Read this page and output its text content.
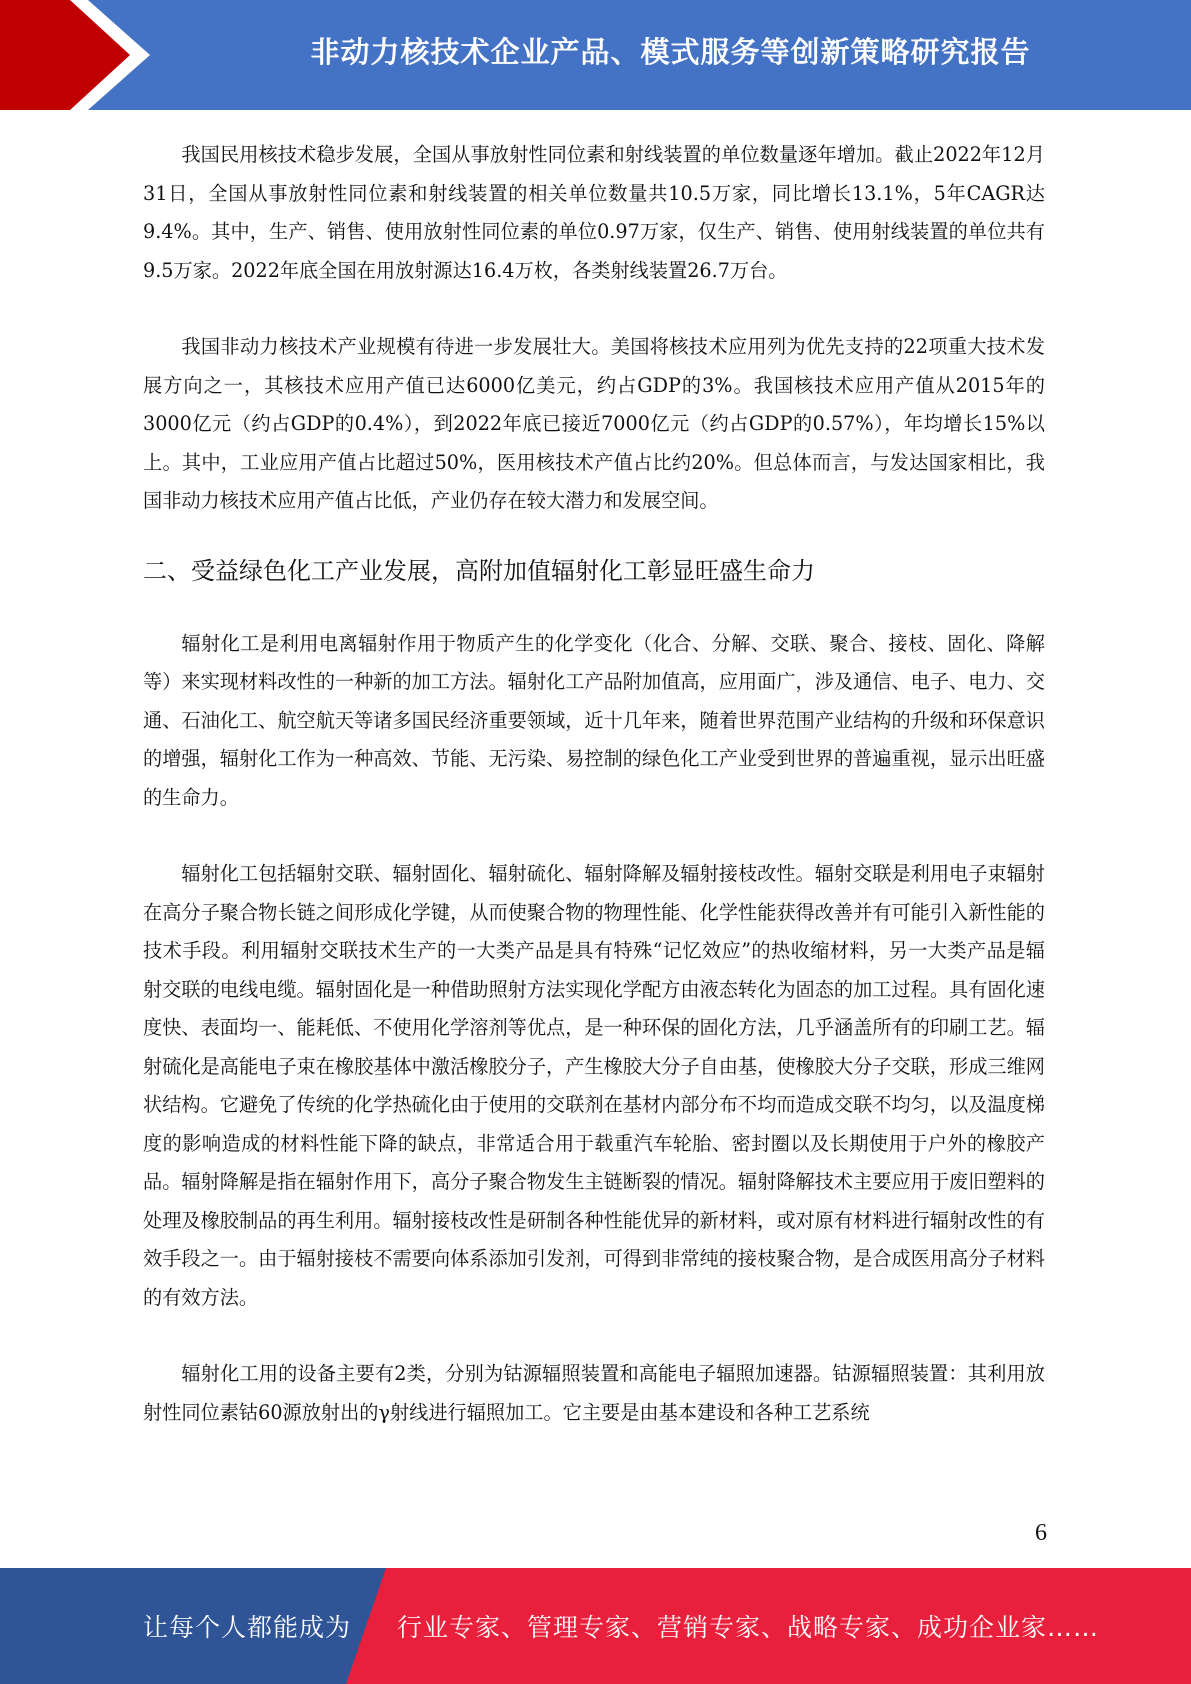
非动力核技术企业产品、模式服务等创新策略研究报告

我国民用核技术稳步发展，全国从事放射性同位素和射线装置的单位数量逐年增加。截止2022年12月31日，全国从事放射性同位素和射线装置的相关单位数量共10.5万家，同比增长13.1%，5年CAGR达9.4%。其中，生产、销售、使用放射性同位素的单位0.97万家，仅生产、销售、使用射线装置的单位共有9.5万家。2022年底全国在用放射源达16.4万枚，各类射线装置26.7万台。

我国非动力核技术产业规模有待进一步发展壮大。美国将核技术应用列为优先支持的22项重大技术发展方向之一，其核技术应用产值已达6000亿美元，约占GDP的3%。我国核技术应用产值从2015年的3000亿元（约占GDP的0.4%），到2022年底已接近7000亿元（约占GDP的0.57%），年均增长15%以上。其中，工业应用产值占比超过50%，医用核技术产值占比约20%。但总体而言，与发达国家相比，我国非动力核技术应用产值占比低，产业仍存在较大潜力和发展空间。

二、受益绿色化工产业发展，高附加值辐射化工彰显旺盛生命力

辐射化工是利用电离辐射作用于物质产生的化学变化（化合、分解、交联、聚合、接枝、固化、降解等）来实现材料改性的一种新的加工方法。辐射化工产品附加值高，应用面广，涉及通信、电子、电力、交通、石油化工、航空航天等诸多国民经济重要领域，近十几年来，随着世界范围产业结构的升级和环保意识的增强，辐射化工作为一种高效、节能、无污染、易控制的绿色化工产业受到世界的普遍重视，显示出旺盛的生命力。

辐射化工包括辐射交联、辐射固化、辐射硫化、辐射降解及辐射接枝改性。辐射交联是利用电子束辐射在高分子聚合物长链之间形成化学键，从而使聚合物的物理性能、化学性能获得改善并有可能引入新性能的技术手段。利用辐射交联技术生产的一大类产品是具有特殊“记忆效应”的热收缩材料，另一大类产品是辐射交联的电线电缆。辐射固化是一种借助照射方法实现化学配方由液态转化为固态的加工过程。具有固化速度快、表面均一、能耗低、不使用化学溶剂等优点，是一种环保的固化方法，几乎涵盖所有的印刷工艺。辐射硫化是高能电子束在橡胶基体中激活橡胶分子，产生橡胶大分子自由基，使橡胶大分子交联，形成三维网状结构。它避免了传统的化学热硫化由于使用的交联剂在基材内部分布不均而造成交联不均匀，以及温度梯度的影响造成的材料性能下降的缺点，非常适合用于载重汽车轮胎、密封圈以及长期使用于户外的橡胶产品。辐射降解是指在辐射作用下，高分子聚合物发生主链断裂的情况。辐射降解技术主要应用于废旧塑料的处理及橡胶制品的再生利用。辐射接枝改性是研制各种性能优异的新材料，或对原有材料进行辐射改性的有效手段之一。由于辐射接枝不需要向体系添加引发剂，可得到非常纯的接枝聚合物，是合成医用高分子材料的有效方法。

辐射化工用的设备主要有2类，分别为钴源辐照装置和高能电子辐照加速器。钴源辐照装置：其利用放射性同位素钴60源放射出的γ射线进行辐照加工。它主要是由基本建设和各种工艺系统

6
让每个人都能成为 行业专家、管理专家、营销专家、战略专家、成功企业家……
